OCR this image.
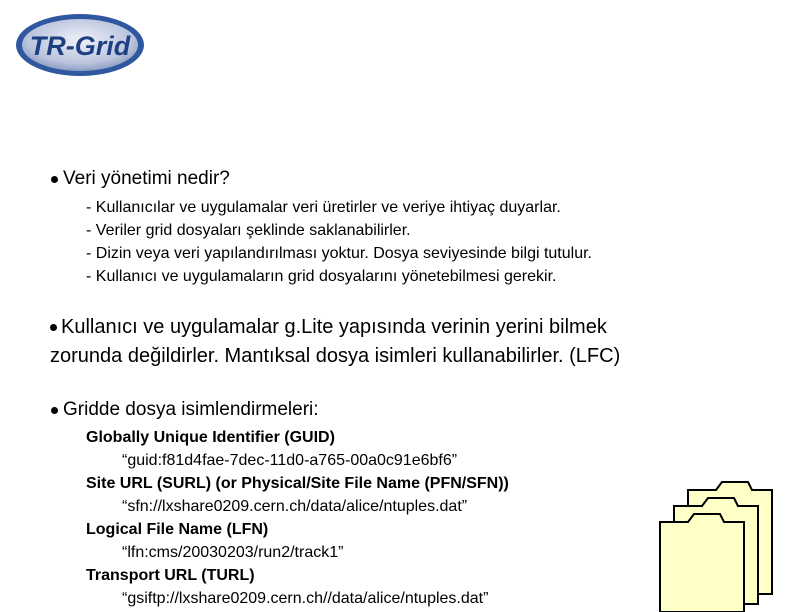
TR-Grid
Veri yönetimi nedir?
- Kullanıcılar ve uygulamalar veri üretirler ve veriye ihtiyaç duyarlar.
- Veriler grid dosyaları şeklinde saklanabilirler.
- Dizin veya veri yapılandırılması yoktur. Dosya seviyesinde bilgi tutulur.
- Kullanıcı ve uygulamaların grid dosyalarını yönetebilmesi gerekir.
Kullanıcı ve uygulamalar g.Lite yapısında verinin yerini bilmek
zorunda değildirler. Mantıksal dosya isimleri kullanabilirler. (LFC)
Gridde dosya isimlendirmeleri:
Globally Unique Identifier (GUID)
“guid:f81d4fae-7dec-11d0-a765-00a0c91e6bf6”
Site URL (SURL) (or Physical/Site File Name (PFN/SFN))
“sfn://lxshare0209.cern.ch/data/alice/ntuples.dat”
Logical File Name (LFN)
“lfn:cms/20030203/run2/track1”
Transport URL (TURL)
“gsiftp://lxshare0209.cern.ch//data/alice/ntuples.dat”
